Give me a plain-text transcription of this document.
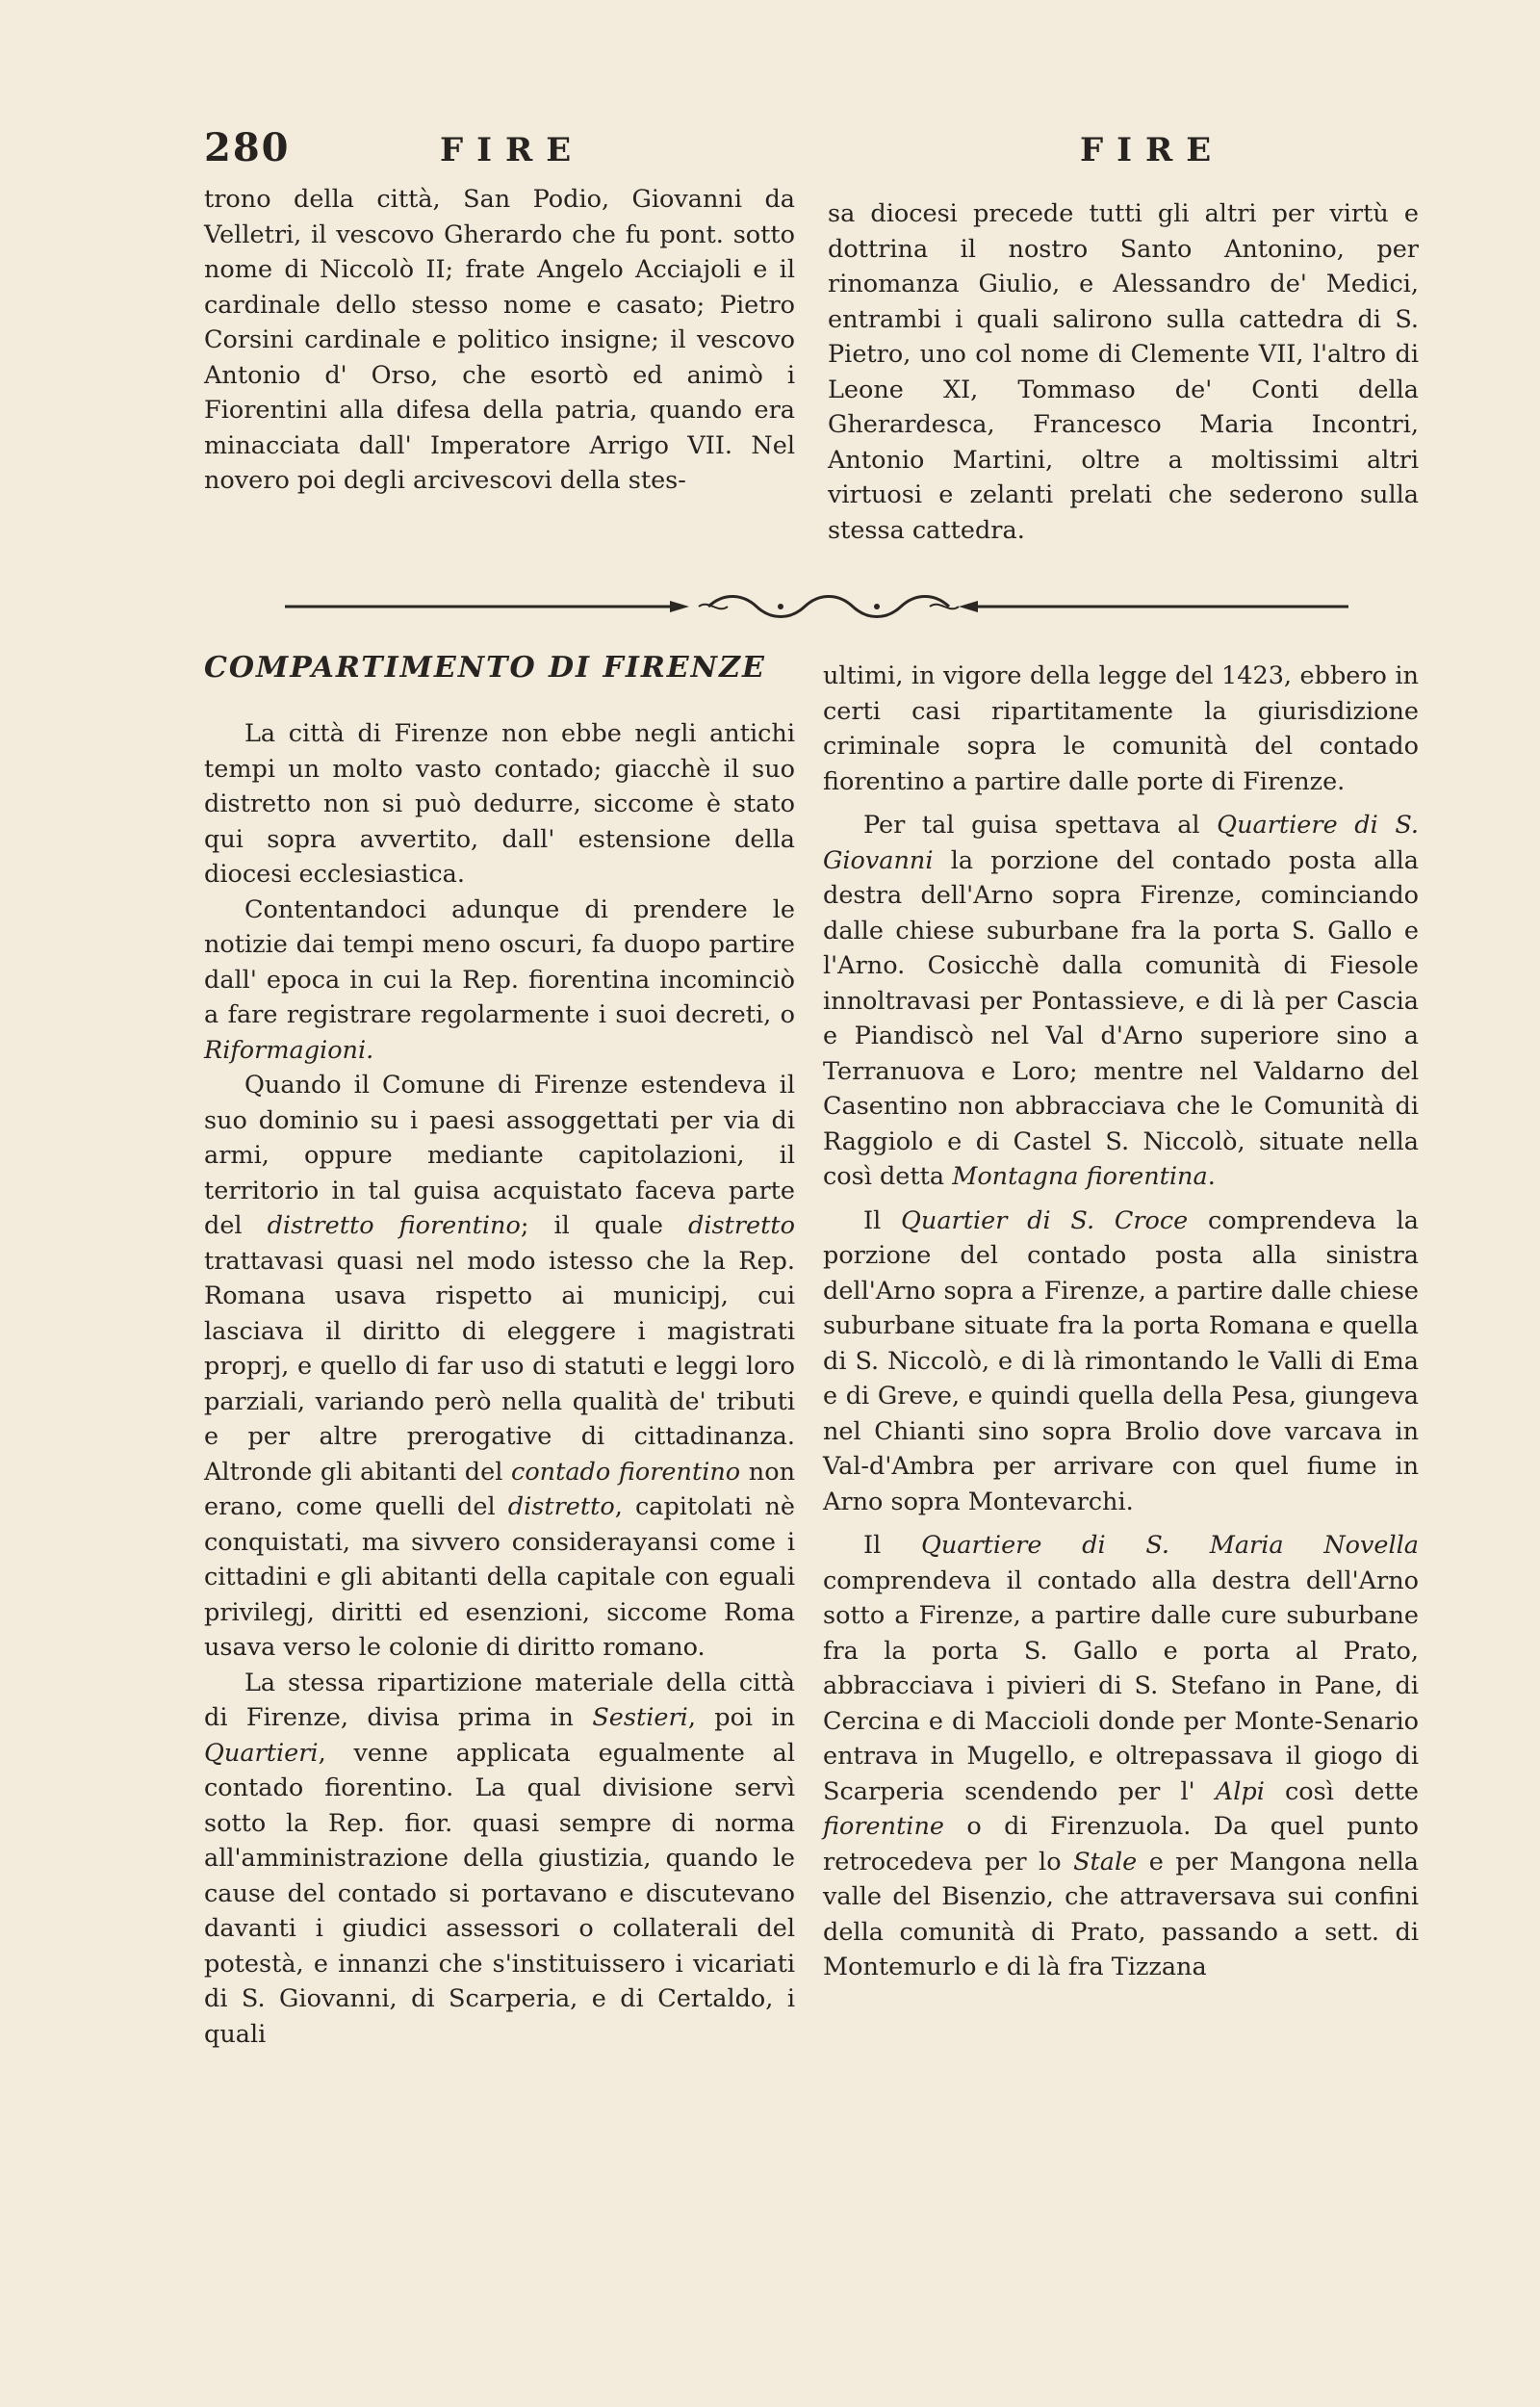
280	FIRE	FIRE

trono della città, San Podio, Giovanni da Velletri, il vescovo Gherardo che fu pont. sotto nome di Niccolò II; frate Angelo Acciajoli e il cardinale dello stesso nome e casato; Pietro Corsini cardinale e politico insigne; il vescovo Antonio d' Orso, che esortò ed animò i Fiorentini alla difesa della patria, quando era minacciata dall' Imperatore Arrigo VII. Nel novero poi degli arcivescovi della stes-

sa diocesi precede tutti gli altri per virtù e dottrina il nostro Santo Antonino, per rinomanza Giulio, e Alessandro de' Medici, entrambi i quali salirono sulla cattedra di S. Pietro, uno col nome di Clemente VII, l'altro di Leone XI, Tommaso de' Conti della Gherardesca, Francesco Maria Incontri, Antonio Martini, oltre a moltissimi altri virtuosi e zelanti prelati che sederono sulla stessa cattedra.

COMPARTIMENTO DI FIRENZE

La città di Firenze non ebbe negli antichi tempi un molto vasto contado; giacchè il suo distretto non si può dedurre, siccome è stato qui sopra avvertito, dall' estensione della diocesi ecclesiastica.

Contentandoci adunque di prendere le notizie dai tempi meno oscuri, fa duopo partire dall' epoca in cui la Rep. fiorentina incominciò a fare registrare regolarmente i suoi decreti, o Riformagioni.

Quando il Comune di Firenze estendeva il suo dominio su i paesi assoggettati per via di armi, oppure mediante capitolazioni, il territorio in tal guisa acquistato faceva parte del distretto fiorentino; il quale distretto trattavasi quasi nel modo istesso che la Rep. Romana usava rispetto ai municipj, cui lasciava il diritto di eleggere i magistrati proprj, e quello di far uso di statuti e leggi loro parziali, variando però nella qualità de' tributi e per altre prerogative di cittadinanza. Altronde gli abitanti del contado fiorentino non erano, come quelli del distretto, capitolati nè conquistati, ma sivvero considerayansi come i cittadini e gli abitanti della capitale con eguali privilegj, diritti ed esenzioni, siccome Roma usava verso le colonie di diritto romano.

La stessa ripartizione materiale della città di Firenze, divisa prima in Sestieri, poi in Quartieri, venne applicata egualmente al contado fiorentino. La qual divisione servì sotto la Rep. fior. quasi sempre di norma all'amministrazione della giustizia, quando le cause del contado si portavano e discutevano davanti i giudici assessori o collaterali del potestà, e innanzi che s'instituissero i vicariati di S. Giovanni, di Scarperia, e di Certaldo, i quali

ultimi, in vigore della legge del 1423, ebbero in certi casi ripartitamente la giurisdizione criminale sopra le comunità del contado fiorentino a partire dalle porte di Firenze.

Per tal guisa spettava al Quartiere di S. Giovanni la porzione del contado posta alla destra dell'Arno sopra Firenze, cominciando dalle chiese suburbane fra la porta S. Gallo e l'Arno. Cosicchè dalla comunità di Fiesole innoltravasi per Pontassieve, e di là per Cascia e Piandiscò nel Val d'Arno superiore sino a Terranuova e Loro; mentre nel Valdarno del Casentino non abbracciava che le Comunità di Raggiolo e di Castel S. Niccolò, situate nella così detta Montagna fiorentina.

Il Quartier di S. Croce comprendeva la porzione del contado posta alla sinistra dell'Arno sopra a Firenze, a partire dalle chiese suburbane situate fra la porta Romana e quella di S. Niccolò, e di là rimontando le Valli di Ema e di Greve, e quindi quella della Pesa, giungeva nel Chianti sino sopra Brolio dove varcava in Val-d'Ambra per arrivare con quel fiume in Arno sopra Montevarchi.

Il Quartiere di S. Maria Novella comprendeva il contado alla destra dell'Arno sotto a Firenze, a partire dalle cure suburbane fra la porta S. Gallo e porta al Prato, abbracciava i pivieri di S. Stefano in Pane, di Cercina e di Maccioli donde per Monte-Senario entrava in Mugello, e oltrepassava il giogo di Scarperia scendendo per l' Alpi così dette fiorentine o di Firenzuola. Da quel punto retrocedeva per lo Stale e per Mangona nella valle del Bisenzio, che attraversava sui confini della comunità di Prato, passando a sett. di Montemurlo e di là fra Tizzana
